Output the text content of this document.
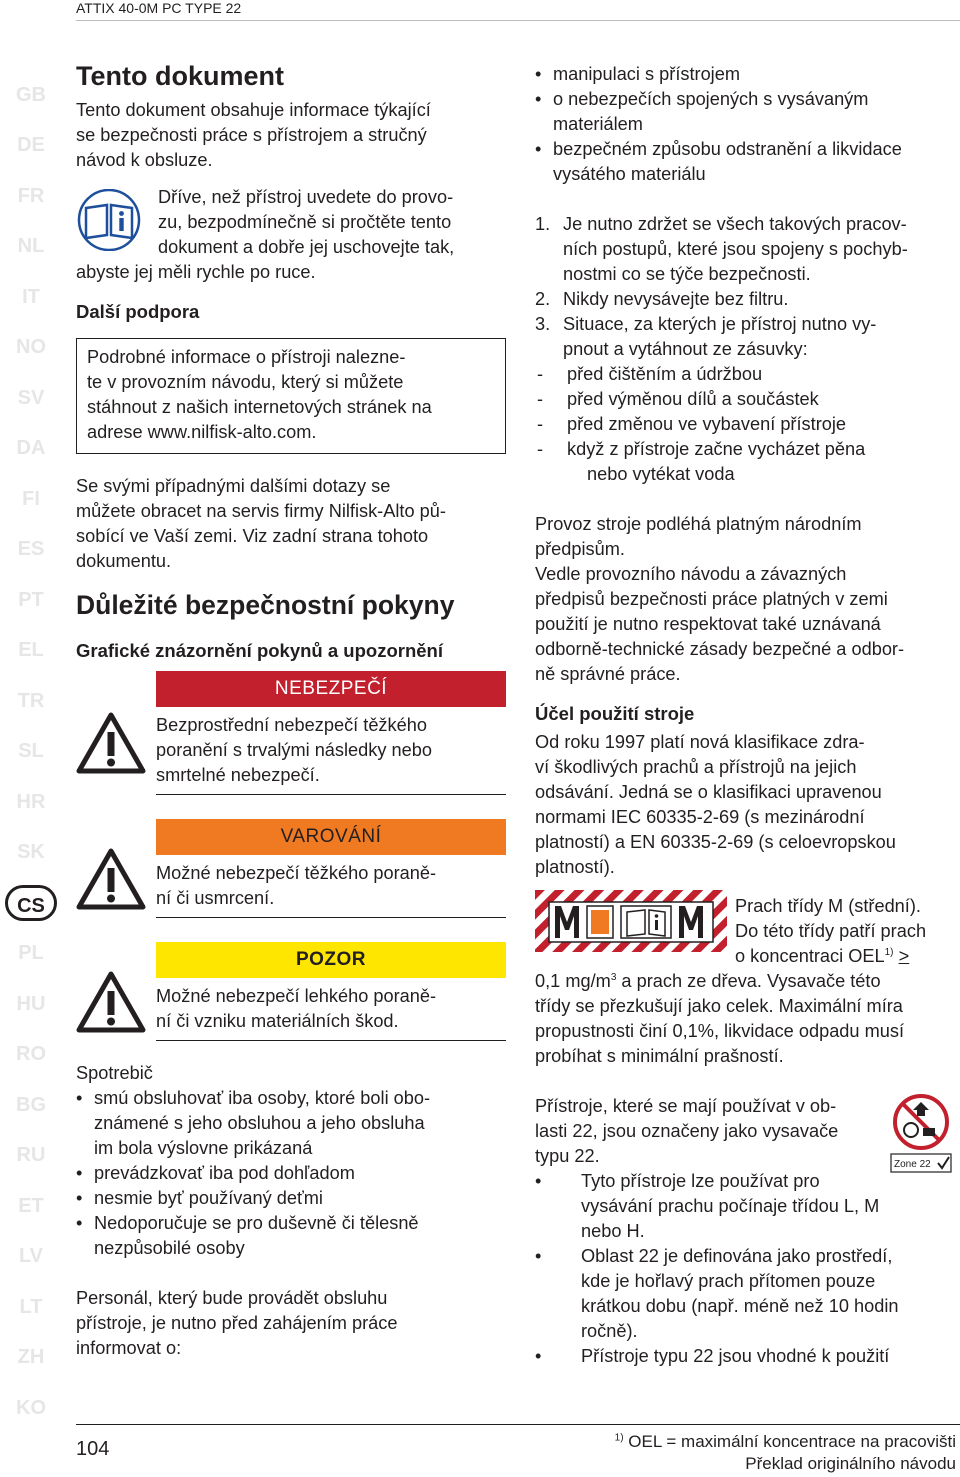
ATTIX 40-0M PC TYPE 22
GB
DE
FR
NL
IT
NO
SV
DA
FI
ES
PT
EL
TR
SL
HR
SK
CS
PL
HU
RO
BG
RU
ET
LV
LT
ZH
KO
Tento dokument
Tento dokument obsahuje informace týkající
se bezpečnosti práce s přístrojem a stručný
návod k obsluze.
Dříve, než přístroj uvedete do provo-
zu, bezpodmínečně si pročtěte tento
dokument a dobře jej uschovejte tak,
abyste jej měli rychle po ruce.
Další podpora
Podrobné informace o přístroji nalezne-
te v provozním návodu, který si můžete
stáhnout z našich internetových stránek na
adrese www.nilfisk-alto.com.
Se svými případnými dalšími dotazy se
můžete obracet na servis firmy Nilfisk-Alto pů-
sobící ve Vaší zemi. Viz zadní strana tohoto
dokumentu.
Důležité bezpečnostní pokyny
Grafické znázornění pokynů a upozornění
NEBEZPEČÍ
Bezprostřední nebezpečí těžkého
poranění s trvalými následky nebo
smrtelné nebezpečí.
VAROVÁNÍ
Možné nebezpečí těžkého poraně-
ní či usmrcení.
POZOR
Možné nebezpečí lehkého poraně-
ní či vzniku materiálních škod.
Spotrebič
• smú obsluhovať iba osoby, ktoré boli obo-
známené s jeho obsluhou a jeho obsluha
im bola výslovne prikázaná
• prevádzkovať iba pod dohľadom
• nesmie byť používaný deťmi
• Nedoporučuje se pro duševně či tělesně
nezpůsobilé osoby
Personál, který bude provádět obsluhu
přístroje, je nutno před zahájením práce
informovat o:
• manipulaci s přístrojem
• o nebezpečích spojených s vysávaným
materiálem
• bezpečném způsobu odstranění a likvidace
vysátého materiálu
1. Je nutno zdržet se všech takových pracov-
ních postupů, které jsou spojeny s pochyb-
nostmi co se týče bezpečnosti.
2. Nikdy nevysávejte bez filtru.
3. Situace, za kterých je přístroj nutno vy-
pnout a vytáhnout ze zásuvky:
- před čištěním a údržbou
- před výměnou dílů a součástek
- před změnou ve vybavení přístroje
- když z přístroje začne vycházet pěna
nebo vytékat voda
Provoz stroje podléhá platným národním
předpisům.
Vedle provozního návodu a závazných
předpisů bezpečnosti práce platných v zemi
použití je nutno respektovat také uznávaná
odborně-technické zásady bezpečné a odbor-
ně správné práce.
Účel použití stroje
Od roku 1997 platí nová klasifikace zdra-
ví škodlivých prachů a přístrojů na jejich
odsávání. Jedná se o klasifikaci upravenou
normami IEC 60335-2-69 (s mezinárodní
platností) a EN 60335-2-69 (s celoevropskou
platností).
Prach třídy M (střední).
Do této třídy patří prach
o koncentraci $OEL^{1)}$ >
0,1 $mg/m^3$ a prach ze dřeva. Vysavače této
třídy se přezkušují jako celek. Maximální míra
propustnosti činí 0,1%, likvidace odpadu musí
probíhat s minimální prašností.
Zone 22
Přístroje, které se mají používat v ob-
lasti 22, jsou označeny jako vysavače
typu 22.
• Tyto přístroje lze používat pro
vysávání prachu počínaje třídou L, M
nebo H.
• Oblast 22 je definována jako prostředí,
kde je hořlavý prach přítomen pouze
krátkou dobu (např. méně než 10 hodin
ročně).
• Přístroje typu 22 jsou vhodné k použití
104
$^{1)}$ OEL = maximální koncentrace na pracovišti
Překlad originálního návodu
